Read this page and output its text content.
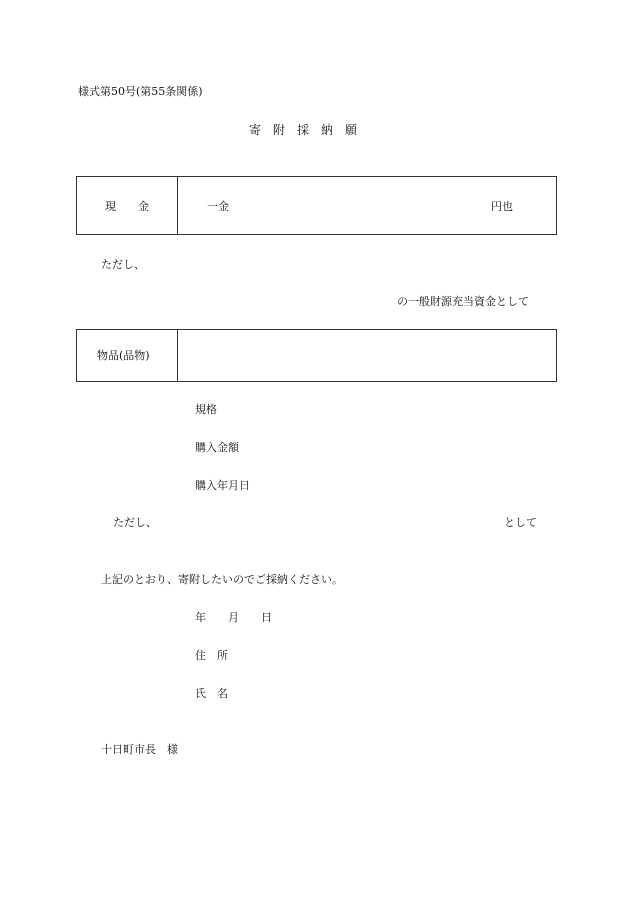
様式第50号(第55条関係)
寄　附　採　納　願
現　　金	一金	円也
ただし、
の一般財源充当資金として
物品(品物)
規格
購入金額
購入年月日
ただし、	として
上記のとおり、寄附したいのでご採納ください。
年　　月　　日
住　所
氏　名
十日町市長　様
